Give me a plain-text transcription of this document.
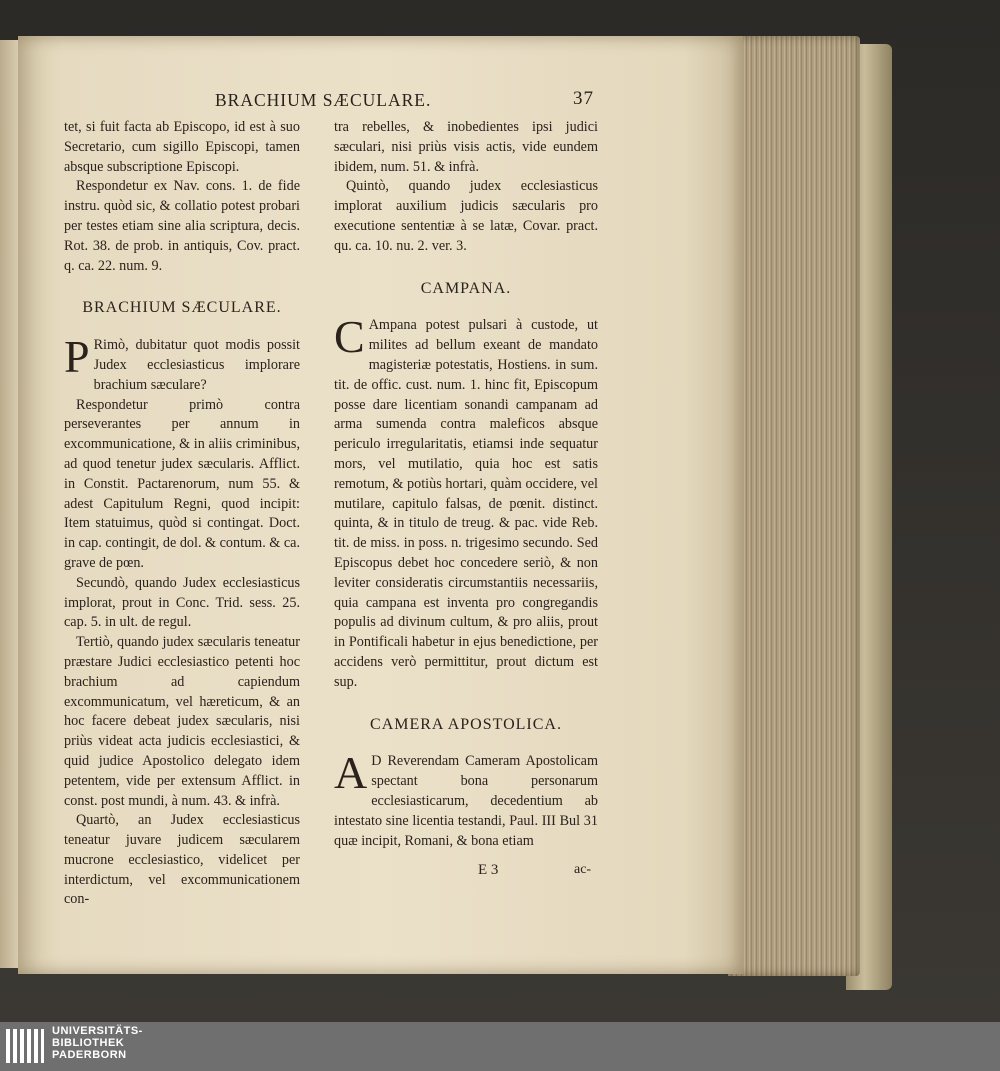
BRACHIUM SÆCULARE.	37

tet, si fuit facta ab Episcopo, id est à suo Secretario, cum sigillo Episcopi, tamen absque subscriptione Episcopi.

Respondetur ex Nav. cons. 1. de fide instru. quòd sic, & collatio potest probari per testes etiam sine alia scriptura, decis. Rot. 38. de prob. in antiquis, Cov. pract. q. ca. 22. num. 9.

BRACHIUM SÆCULARE.

P Rimò, dubitatur quot modis possit Judex ecclesiasticus implorare brachium sæculare?

Respondetur primò contra perseverantes per annum in excommunicatione, & in aliis criminibus, ad quod tenetur judex sæcularis. Afflict. in Constit. Pactarenorum, num 55. & adest Capitulum Regni, quod incipit: Item statuimus, quòd si contingat. Doct. in cap. contingit, de dol. & contum. & ca. grave de pœn.

Secundò, quando Judex ecclesiasticus implorat, prout in Conc. Trid. sess. 25. cap. 5. in ult. de regul.

Tertiò, quando judex sæcularis teneatur præstare Judici ecclesiastico petenti hoc brachium ad capiendum excommunicatum, vel hæreticum, & an hoc facere debeat judex sæcularis, nisi priùs videat acta judicis ecclesiastici, & quid judice Apostolico delegato idem petentem, vide per extensum Afflict. in const. post mundi, à num. 43. & infrà.

Quartò, an Judex ecclesiasticus teneatur juvare judicem sæcularem mucrone ecclesiastico, videlicet per interdictum, vel excommunicationem con-

tra rebelles, & inobedientes ipsi judici sæculari, nisi priùs visis actis, vide eundem ibidem, num. 51. & infrà.

Quintò, quando judex ecclesiasticus implorat auxilium judicis sæcularis pro executione sententiæ à se latæ, Covar. pract. qu. ca. 10. nu. 2. ver. 3.

CAMPANA.

C Ampana potest pulsari à custode, ut milites ad bellum exeant de mandato magisteriæ potestatis, Hostiens. in sum. tit. de offic. cust. num. 1. hinc fit, Episcopum posse dare licentiam sonandi campanam ad arma sumenda contra maleficos absque periculo irregularitatis, etiamsi inde sequatur mors, vel mutilatio, quia hoc est satis remotum, & potiùs hortari, quàm occidere, vel mutilare, capitulo falsas, de pœnit. distinct. quinta, & in titulo de treug. & pac. vide Reb. tit. de miss. in poss. n. trigesimo secundo. Sed Episcopus debet hoc concedere seriò, & non leviter consideratis circumstantiis necessariis, quia campana est inventa pro congregandis populis ad divinum cultum, & pro aliis, prout in Pontificali habetur in ejus benedictione, per accidens verò permittitur, prout dictum est sup.

CAMERA APOSTOLICA.

A D Reverendam Cameram Apostolicam spectant bona personarum ecclesiasticarum, decedentium ab intestato sine licentia testandi, Paul. III Bul 31 quæ incipit, Romani, & bona etiam

E 3	ac-
UNIVERSITÄTS-
BIBLIOTHEK
PADERBORN
